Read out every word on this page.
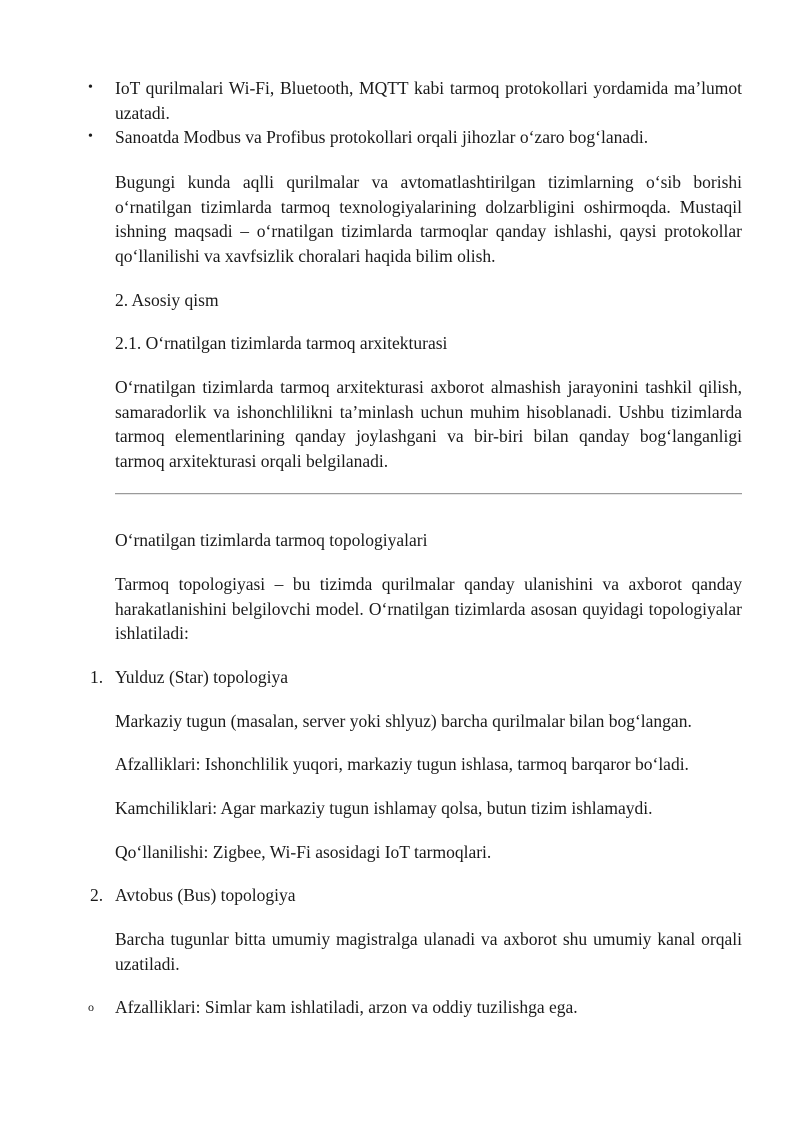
•	IoT qurilmalari Wi-Fi, Bluetooth, MQTT kabi tarmoq protokollari yordamida ma’lumot uzatadi.
•	Sanoatda Modbus va Profibus protokollari orqali jihozlar o‘zaro bog‘lanadi.
Bugungi kunda aqlli qurilmalar va avtomatlashtirilgan tizimlarning o‘sib borishi o‘rnatilgan tizimlarda tarmoq texnologiyalarining dolzarbligini oshirmoqda. Mustaqil ishning maqsadi – o‘rnatilgan tizimlarda tarmoqlar qanday ishlashi, qaysi protokollar qo‘llanilishi va xavfsizlik choralari haqida bilim olish.
2. Asosiy qism
2.1. O‘rnatilgan tizimlarda tarmoq arxitekturasi
O‘rnatilgan tizimlarda tarmoq arxitekturasi axborot almashish jarayonini tashkil qilish, samaradorlik va ishonchlilikni ta’minlash uchun muhim hisoblanadi. Ushbu tizimlarda tarmoq elementlarining qanday joylashgani va bir-biri bilan qanday bog‘langanligi tarmoq arxitekturasi orqali belgilanadi.
O‘rnatilgan tizimlarda tarmoq topologiyalari
Tarmoq topologiyasi – bu tizimda qurilmalar qanday ulanishini va axborot qanday harakatlanishini belgilovchi model. O‘rnatilgan tizimlarda asosan quyidagi topologiyalar ishlatiladi:
1. Yulduz (Star) topologiya
Markaziy tugun (masalan, server yoki shlyuz) barcha qurilmalar bilan bog‘langan.
Afzalliklari: Ishonchlilik yuqori, markaziy tugun ishlasa, tarmoq barqaror bo‘ladi.
Kamchiliklari: Agar markaziy tugun ishlamay qolsa, butun tizim ishlamaydi.
Qo‘llanilishi: Zigbee, Wi-Fi asosidagi IoT tarmoqlari.
2. Avtobus (Bus) topologiya
Barcha tugunlar bitta umumiy magistralga ulanadi va axborot shu umumiy kanal orqali uzatiladi.
o	Afzalliklari: Simlar kam ishlatiladi, arzon va oddiy tuzilishga ega.
